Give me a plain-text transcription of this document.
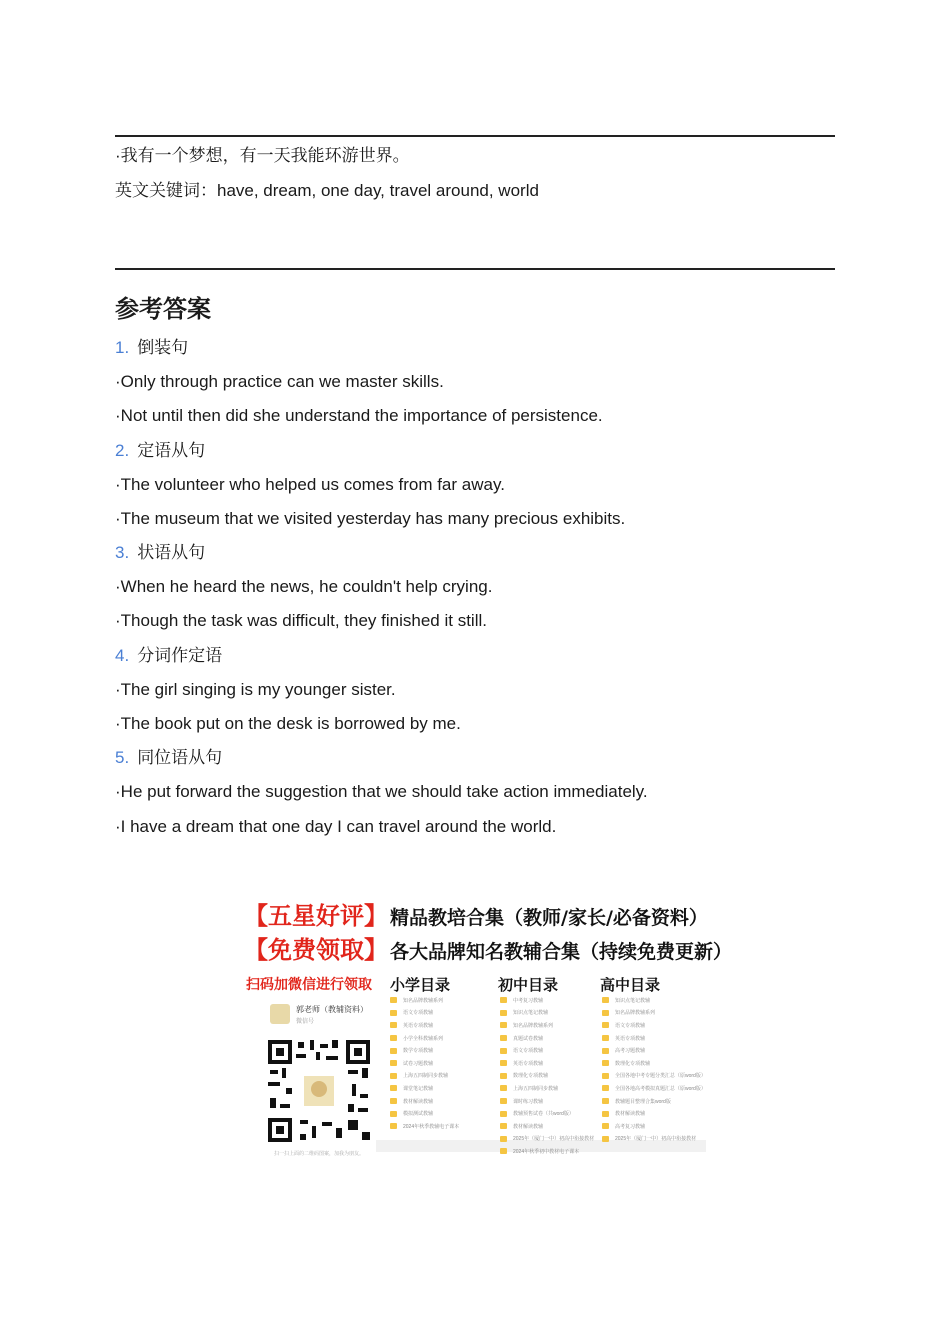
·我有一个梦想，有一天我能环游世界。
英文关键词：have, dream, one day, travel around, world
参考答案
1. 倒装句
·Only through practice can we master skills.
·Not until then did she understand the importance of persistence.
2. 定语从句
·The volunteer who helped us comes from far away.
·The museum that we visited yesterday has many precious exhibits.
3. 状语从句
·When he heard the news, he couldn't help crying.
·Though the task was difficult, they finished it still.
4. 分词作定语
·The girl singing is my younger sister.
·The book put on the desk is borrowed by me.
5. 同位语从句
·He put forward the suggestion that we should take action immediately.
·I have a dream that one day I can travel around the world.
【五星好评】 精品教培合集（教师/家长/必备资料）
【免费领取】 各大品牌知名教辅合集（持续免费更新）
扫码加微信进行领取 小学目录	初中目录	高中目录
郭老师（教辅资料）
微信号
扫一扫上面的二维码图案，加我为朋友。
知名品牌教辅系列
语文专项教辅
英语专项教辅
小学全科教辅系列
数学专项教辅
试卷习题教辅
上海五四制同步教辅
课堂笔记教辅
教材解读教辅
模拟测试教辅
2024年秋季教辅电子课本
中考复习教辅
知识点笔记教辅
知名品牌教辅系列
真题试卷教辅
语文专项教辅
英语专项教辅
数理化专项教辅
上海五四制同步教辅
课时练习教辅
教辅预售试卷（共word版）
教材解读教辅
2025年（厦门一中）初高中衔接教材
2024年秋季初中教材电子课本
知识点笔记教辅
知名品牌教辅系列
语文专项教辅
英语专项教辅
高考习题教辅
数理化专项教辅
全国各地中考专题分类汇总（原word版）
全国各地高考模拟真题汇总（原word版）
教辅题目整理合集word版
教材解读教辅
高考复习教辅
2025年（厦门一中）初高中衔接教材
